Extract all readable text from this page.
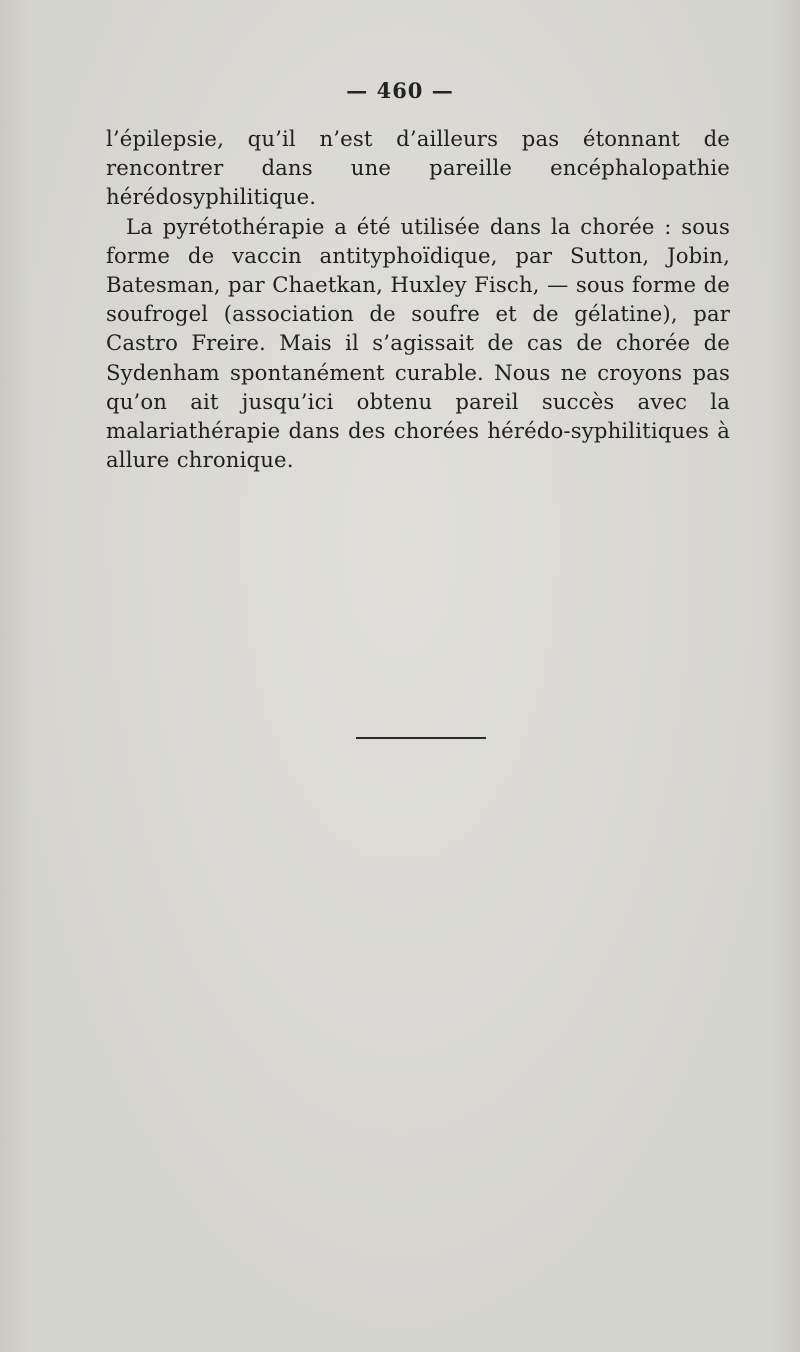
— 460 —

l’épilepsie, qu’il n’est d’ailleurs pas étonnant de rencontrer dans une pareille encéphalopathie hérédosyphilitique.

La pyrétothérapie a été utilisée dans la chorée : sous forme de vaccin antityphoïdique, par Sutton, Jobin, Batesman, par Chaetkan, Huxley Fisch, — sous forme de soufrogel (association de soufre et de gélatine), par Castro Freire. Mais il s’agissait de cas de chorée de Sydenham spontanément curable. Nous ne croyons pas qu’on ait jusqu’ici obtenu pareil succès avec la malariathérapie dans des chorées hérédo-syphilitiques à allure chronique.
